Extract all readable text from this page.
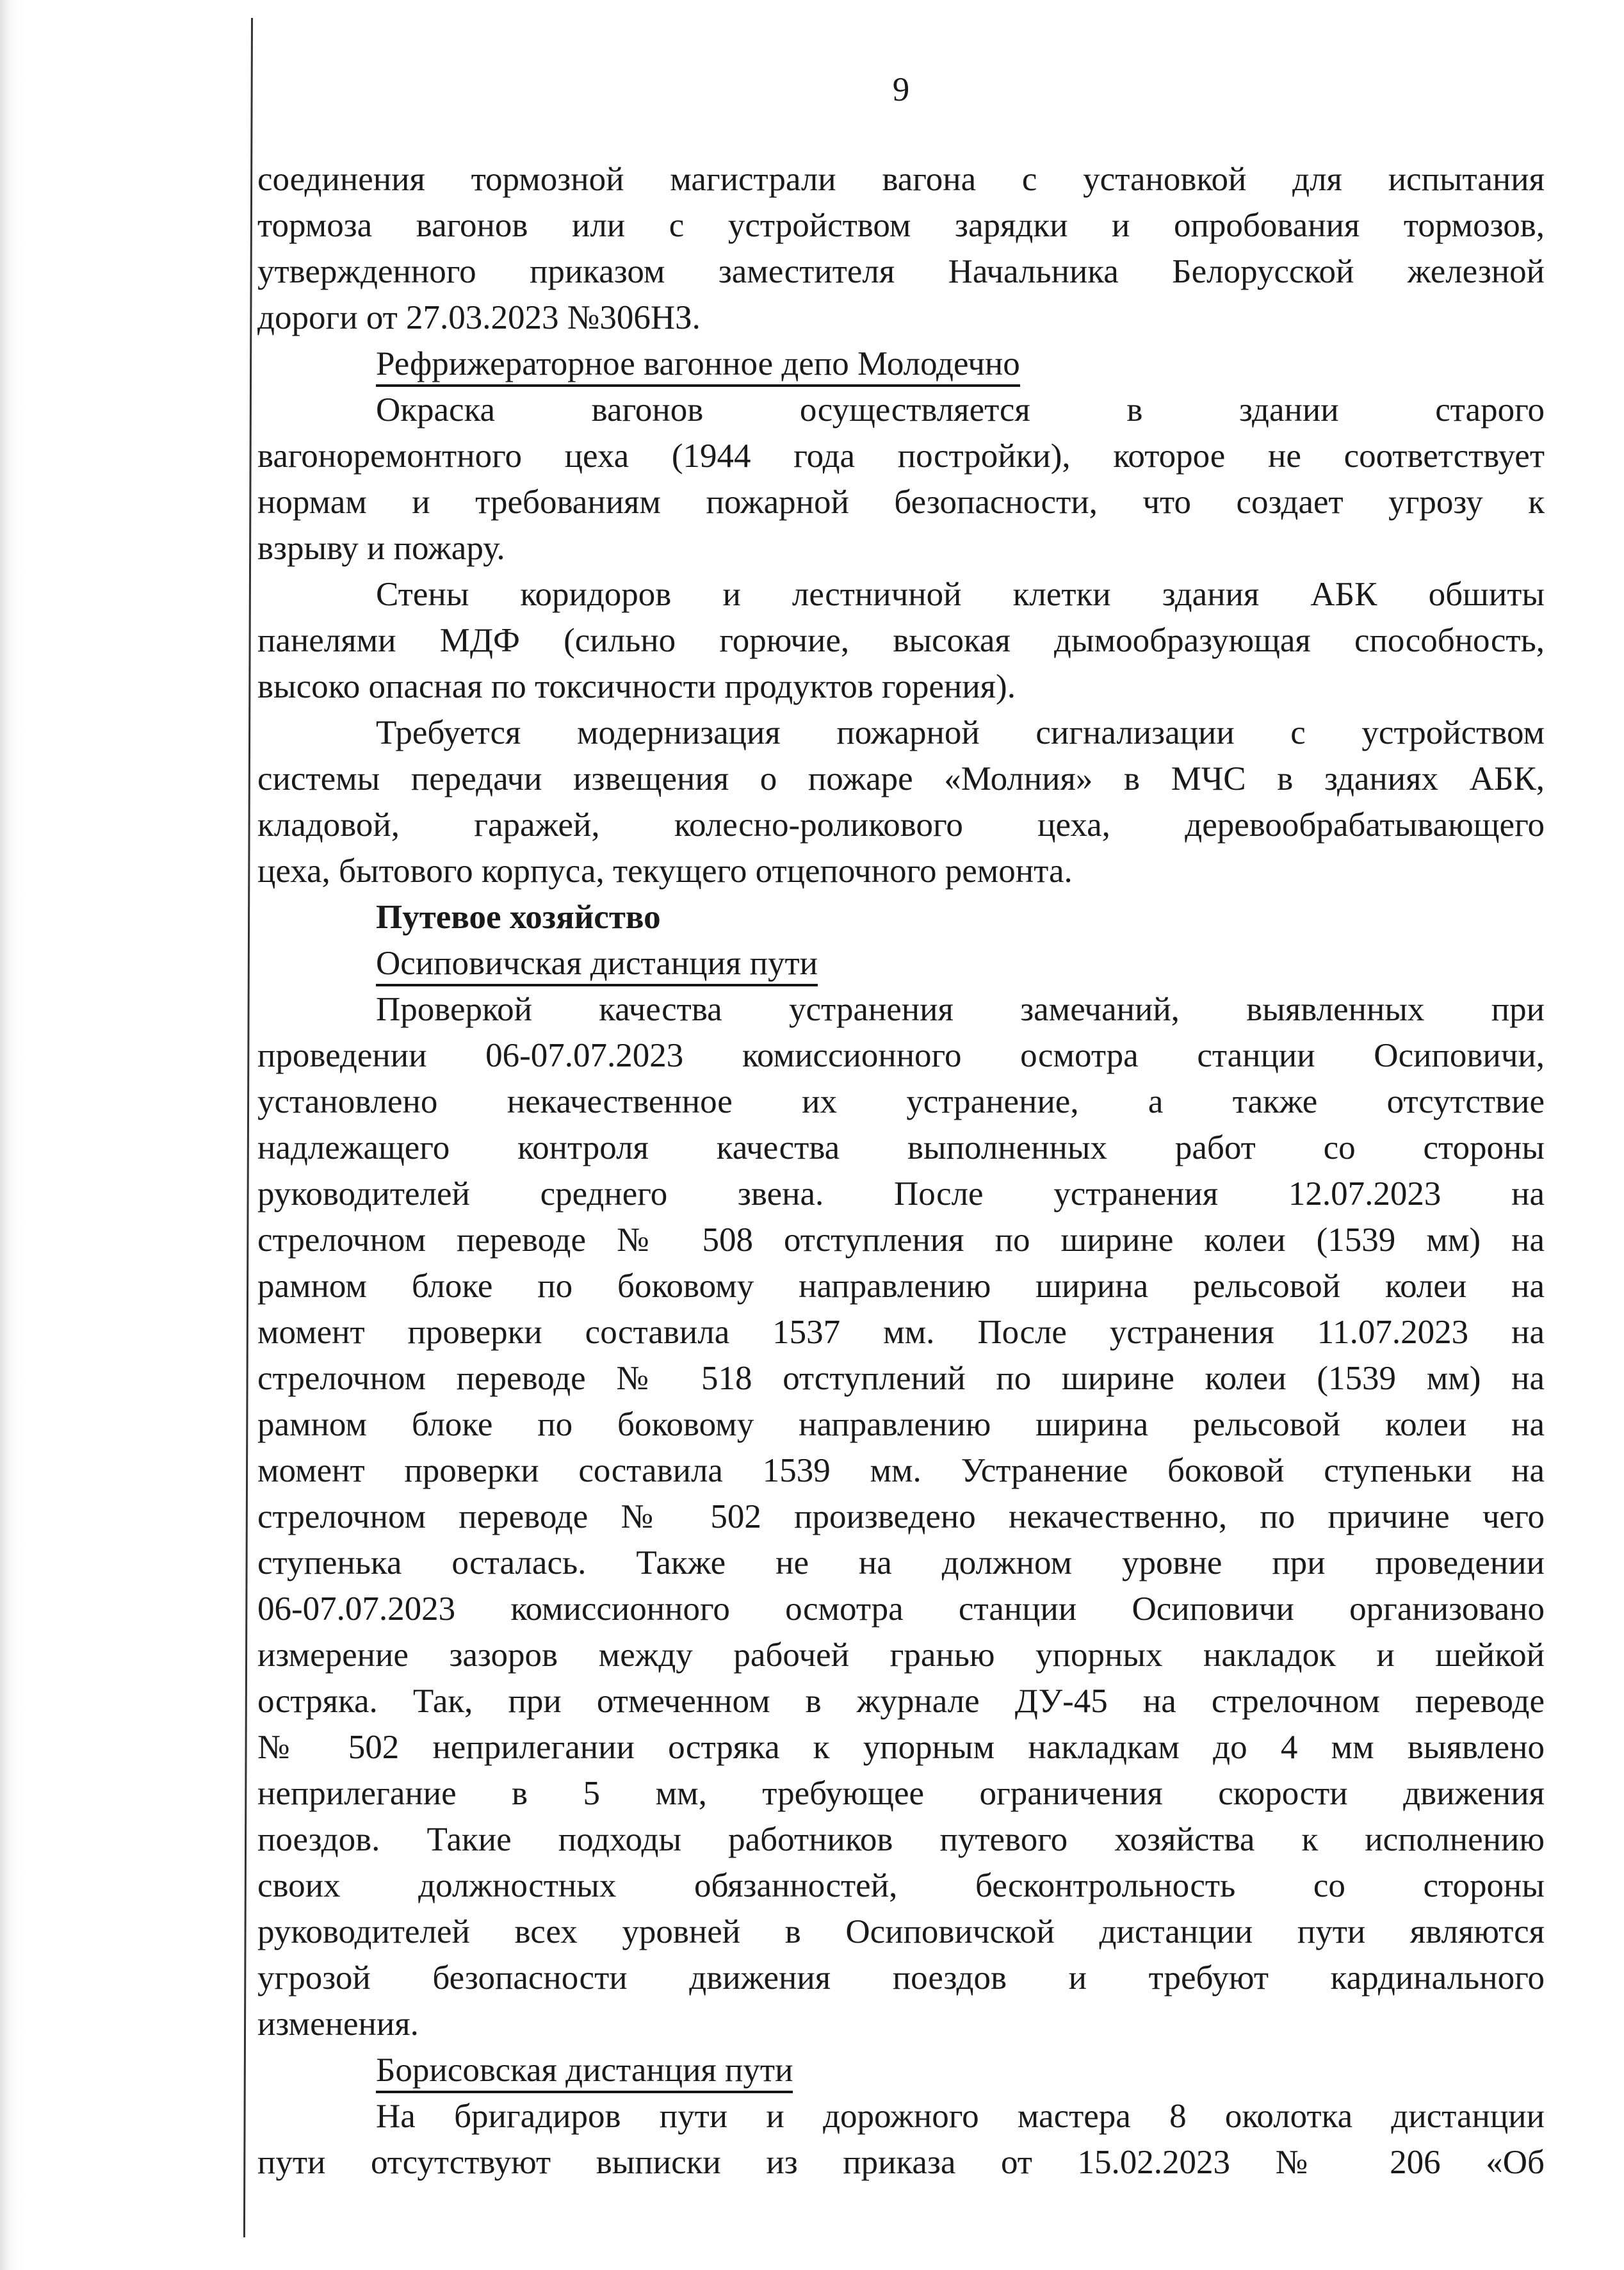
9
соединения тормозной магистрали вагона с установкой для испытания
тормоза вагонов или с устройством зарядки и опробования тормозов,
утвержденного приказом заместителя Начальника Белорусской железной
дороги от 27.03.2023 №306НЗ.
Рефрижераторное вагонное депо Молодечно
Окраска вагонов осуществляется в здании старого
вагоноремонтного цеха (1944 года постройки), которое не соответствует
нормам и требованиям пожарной безопасности, что создает угрозу к
взрыву и пожару.
Стены коридоров и лестничной клетки здания АБК обшиты
панелями МДФ (сильно горючие, высокая дымообразующая способность,
высоко опасная по токсичности продуктов горения).
Требуется модернизация пожарной сигнализации с устройством
системы передачи извещения о пожаре «Молния» в МЧС в зданиях АБК,
кладовой, гаражей, колесно-роликового цеха, деревообрабатывающего
цеха, бытового корпуса, текущего отцепочного ремонта.
Путевое хозяйство
Осиповичская дистанция пути
Проверкой качества устранения замечаний, выявленных при
проведении 06-07.07.2023 комиссионного осмотра станции Осиповичи,
установлено некачественное их устранение, а также отсутствие
надлежащего контроля качества выполненных работ со стороны
руководителей среднего звена. После устранения 12.07.2023 на
стрелочном переводе № 508 отступления по ширине колеи (1539 мм) на
рамном блоке по боковому направлению ширина рельсовой колеи на
момент проверки составила 1537 мм. После устранения 11.07.2023 на
стрелочном переводе № 518 отступлений по ширине колеи (1539 мм) на
рамном блоке по боковому направлению ширина рельсовой колеи на
момент проверки составила 1539 мм. Устранение боковой ступеньки на
стрелочном переводе № 502 произведено некачественно, по причине чего
ступенька осталась. Также не на должном уровне при проведении
06-07.07.2023 комиссионного осмотра станции Осиповичи организовано
измерение зазоров между рабочей гранью упорных накладок и шейкой
остряка. Так, при отмеченном в журнале ДУ-45 на стрелочном переводе
№ 502 неприлегании остряка к упорным накладкам до 4 мм выявлено
неприлегание в 5 мм, требующее ограничения скорости движения
поездов. Такие подходы работников путевого хозяйства к исполнению
своих должностных обязанностей, бесконтрольность со стороны
руководителей всех уровней в Осиповичской дистанции пути являются
угрозой безопасности движения поездов и требуют кардинального
изменения.
Борисовская дистанция пути
На бригадиров пути и дорожного мастера 8 околотка дистанции
пути отсутствуют выписки из приказа от 15.02.2023 № 206 «Об
